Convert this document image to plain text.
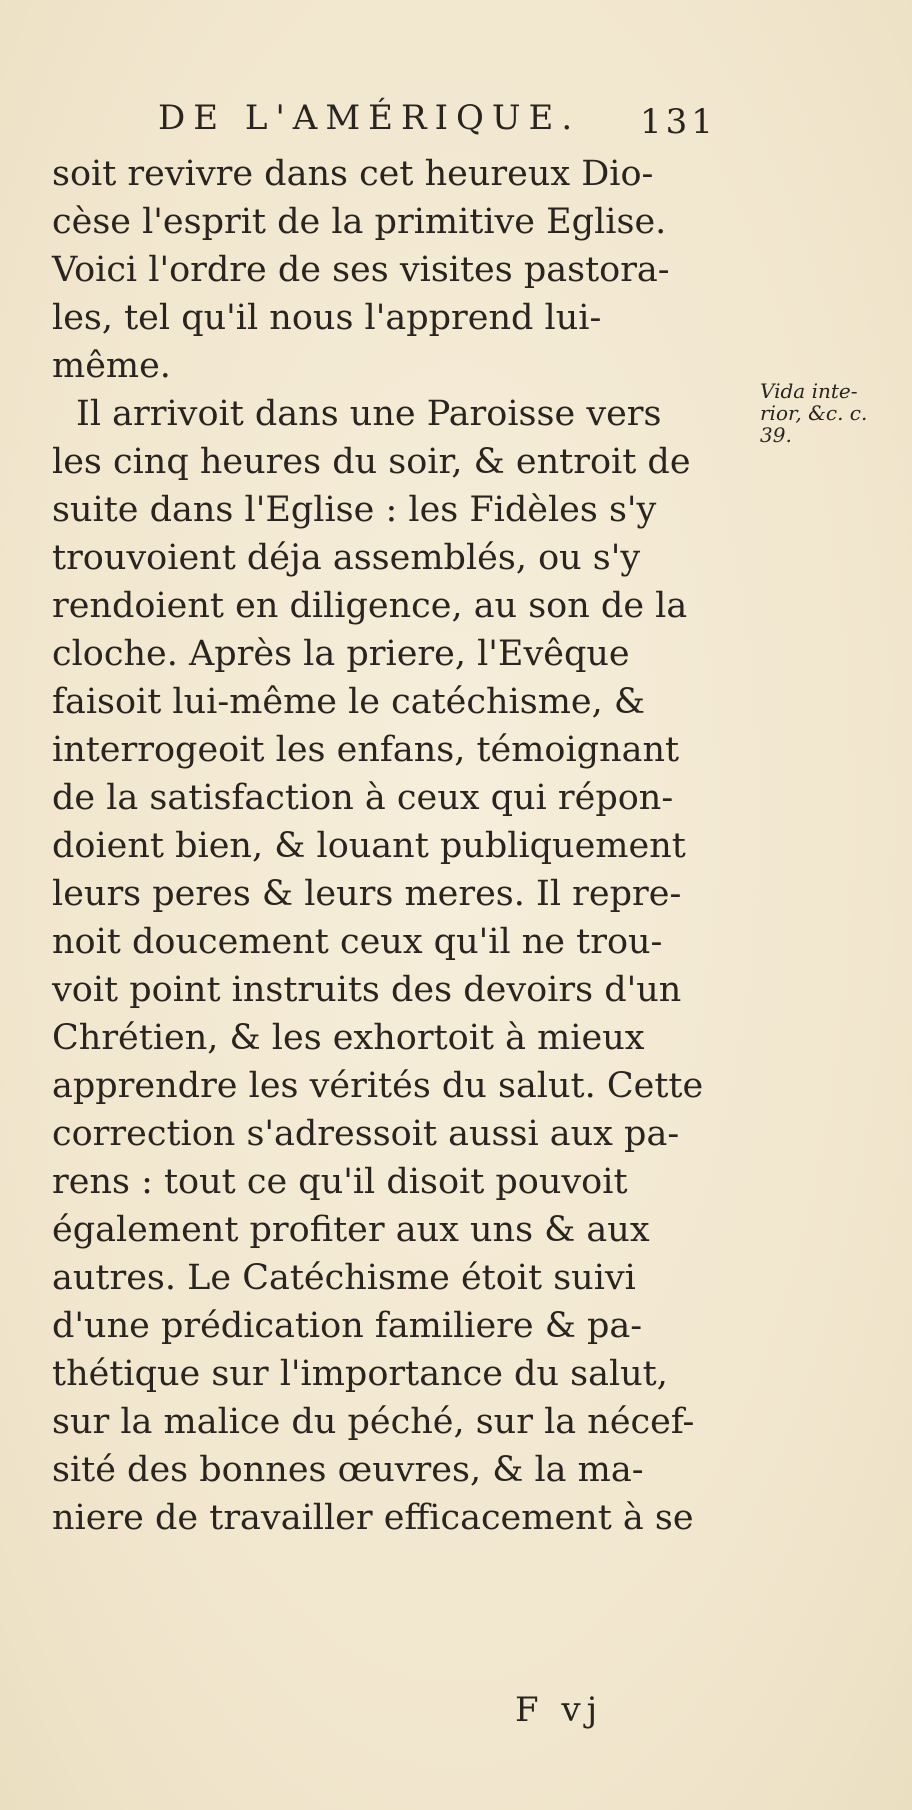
DE L'AMÉRIQUE. 131
soit revivre dans cet heureux Dio-
cèse l'esprit de la primitive Eglise.
Voici l'ordre de ses visites pastora-
les, tel qu'il nous l'apprend lui-
même.
Il arrivoit dans une Paroisse vers
les cinq heures du soir, & entroit de
suite dans l'Eglise : les Fidèles s'y
trouvoient déja assemblés, ou s'y
rendoient en diligence, au son de la
cloche. Après la priere, l'Evêque
faisoit lui-même le catéchisme, &
interrogeoit les enfans, témoignant
de la satisfaction à ceux qui répon-
doient bien, & louant publiquement
leurs peres & leurs meres. Il repre-
noit doucement ceux qu'il ne trou-
voit point instruits des devoirs d'un
Chrétien, & les exhortoit à mieux
apprendre les vérités du salut. Cette
correction s'adressoit aussi aux pa-
rens : tout ce qu'il disoit pouvoit
également profiter aux uns & aux
autres. Le Catéchisme étoit suivi
d'une prédication familiere & pa-
thétique sur l'importance du salut,
sur la malice du péché, sur la nécef-
sité des bonnes œuvres, & la ma-
niere de travailler efficacement à se
Vida inte-
rior, &c. c.
39.
F vj
